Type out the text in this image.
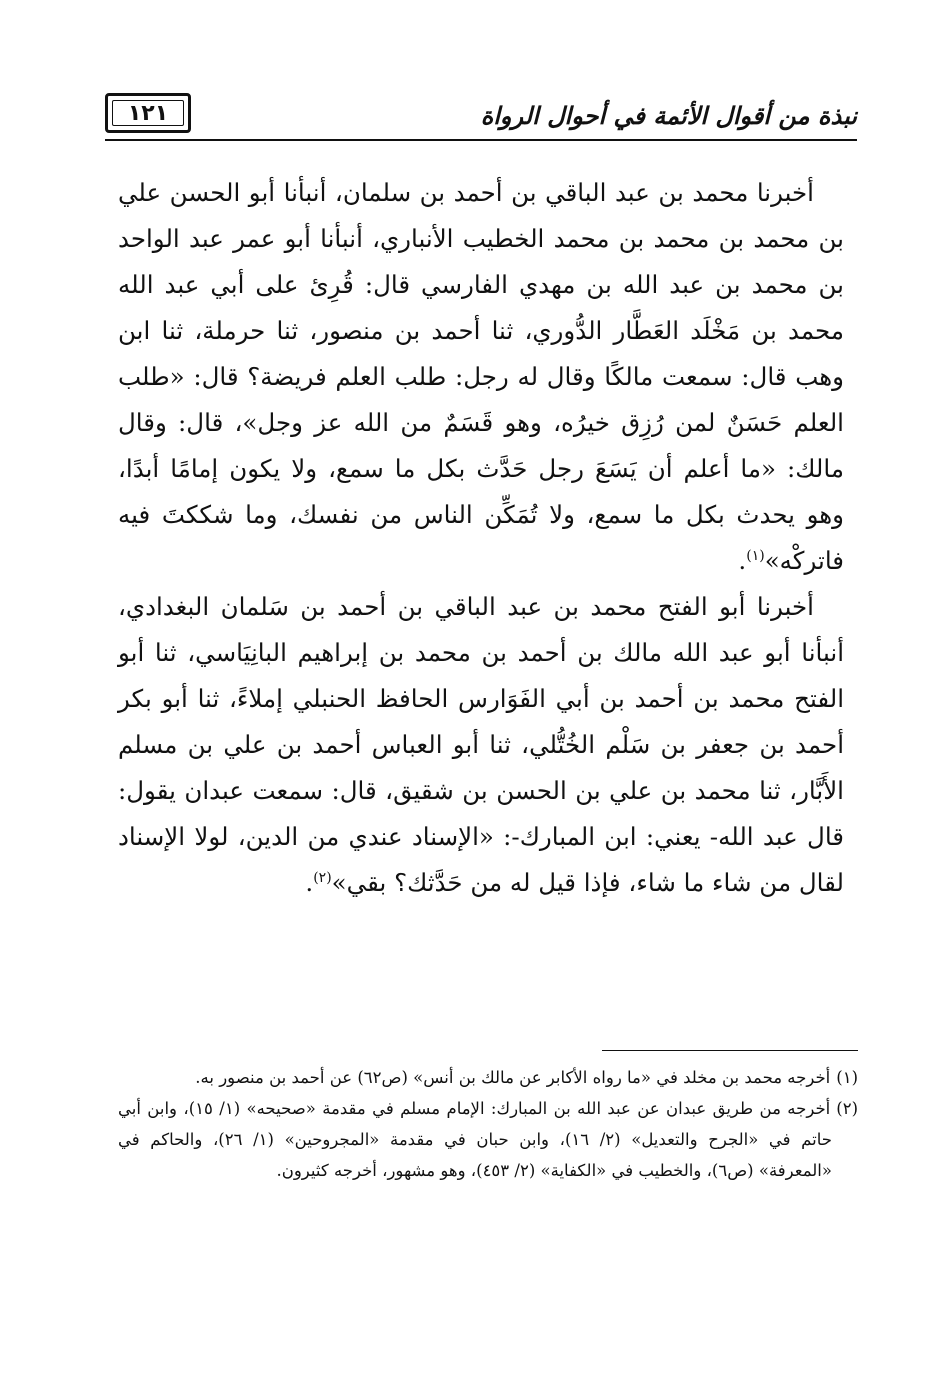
نبذة من أقوال الأئمة في أحوال الرواة
١٢١

أخبرنا محمد بن عبد الباقي بن أحمد بن سلمان، أنبأنا أبو الحسن علي بن محمد بن محمد بن محمد الخطيب الأنباري، أنبأنا أبو عمر عبد الواحد بن محمد بن عبد الله بن مهدي الفارسي قال: قُرِئ على أبي عبد الله محمد بن مَخْلَد العَطَّار الدُّوري، ثنا أحمد بن منصور، ثنا حرملة، ثنا ابن وهب قال: سمعت مالكًا وقال له رجل: طلب العلم فريضة؟ قال: «طلب العلم حَسَنٌ لمن رُزِق خيرُه، وهو قَسَمٌ من الله عز وجل»، قال: وقال مالك: «ما أعلم أن يَسَعَ رجل حَدَّث بكل ما سمع، ولا يكون إمامًا أبدًا، وهو يحدث بكل ما سمع، ولا تُمَكِّن الناس من نفسك، وما شككتَ فيه فاتركْه»$^{(١)}$.

أخبرنا أبو الفتح محمد بن عبد الباقي بن أحمد بن سَلمان البغدادي، أنبأنا أبو عبد الله مالك بن أحمد بن محمد بن إبراهيم البانِيَاسي، ثنا أبو الفتح محمد بن أحمد بن أبي الفَوَارس الحافظ الحنبلي إملاءً، ثنا أبو بكر أحمد بن جعفر بن سَلْم الخُتُّلي، ثنا أبو العباس أحمد بن علي بن مسلم الأَبَّار، ثنا محمد بن علي بن الحسن بن شقيق، قال: سمعت عبدان يقول: قال عبد الله- يعني: ابن المبارك-: «الإسناد عندي من الدين، لولا الإسناد لقال من شاء ما شاء، فإذا قيل له من حَدَّثك؟ بقي»$^{(٢)}$.

(١)أخرجه محمد بن مخلد في «ما رواه الأكابر عن مالك بن أنس» (ص٦٢) عن أحمد بن منصور به.

(٢)أخرجه من طريق عبدان عن عبد الله بن المبارك: الإمام مسلم في مقدمة «صحيحه» (١/ ١٥)، وابن أبي حاتم في «الجرح والتعديل» (٢/ ١٦)، وابن حبان في مقدمة «المجروحين» (١/ ٢٦)، والحاكم في «المعرفة» (ص٦)، والخطيب في «الكفاية» (٢/ ٤٥٣)، وهو مشهور، أخرجه كثيرون.
